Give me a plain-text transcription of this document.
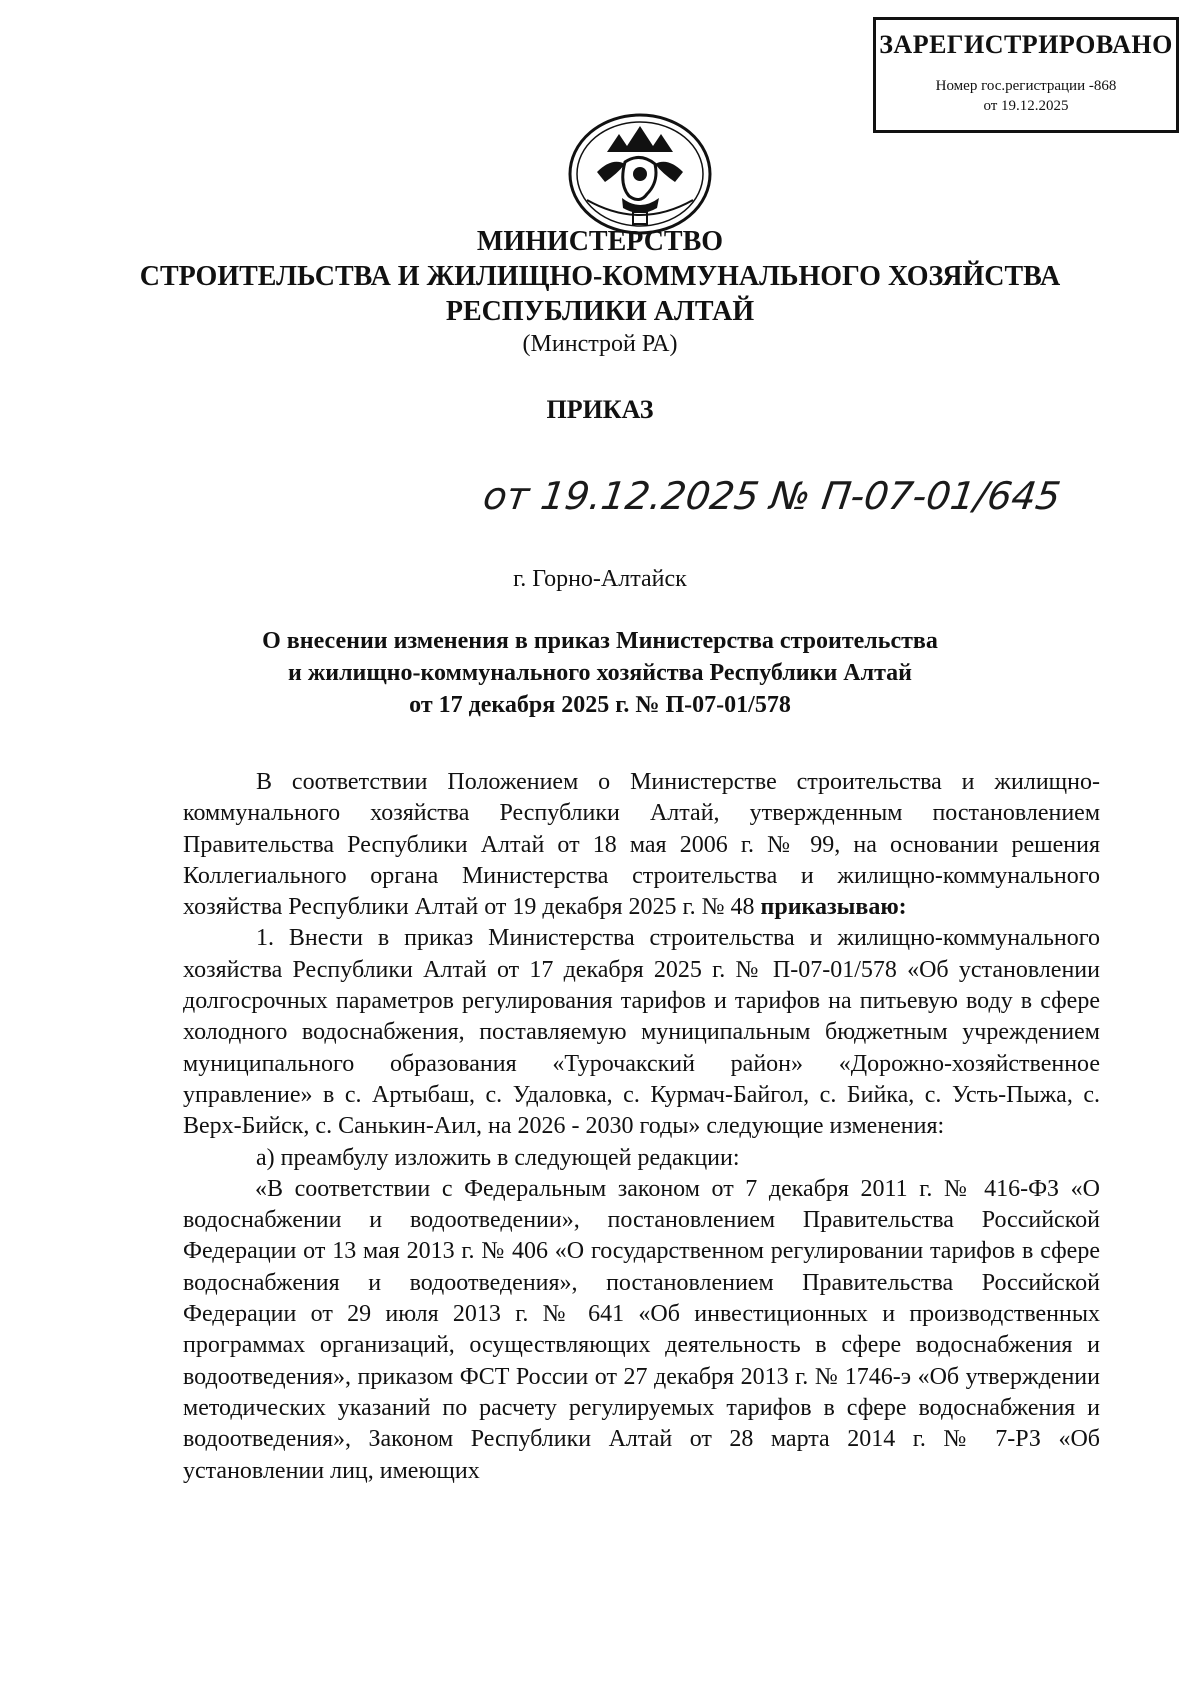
ЗАРЕГИСТРИРОВАНО
Номер гос.регистрации -868
от 19.12.2025
МИНИСТЕРСТВО
СТРОИТЕЛЬСТВА И ЖИЛИЩНО-КОММУНАЛЬНОГО ХОЗЯЙСТВА
РЕСПУБЛИКИ АЛТАЙ
(Минстрой РА)
ПРИКАЗ
от 19.12.2025 № П-07-01/645
г. Горно-Алтайск
О внесении изменения в приказ Министерства строительства
и жилищно-коммунального хозяйства Республики Алтай
от 17 декабря 2025 г. № П-07-01/578

В соответствии Положением о Министерстве строительства и жилищно-коммунального хозяйства Республики Алтай, утвержденным постановлением Правительства Республики Алтай от 18 мая 2006 г. № 99, на основании решения Коллегиального органа Министерства строительства и жилищно-коммунального хозяйства Республики Алтай от 19 декабря 2025 г. № 48 приказываю:

1. Внести в приказ Министерства строительства и жилищно-коммунального хозяйства Республики Алтай от 17 декабря 2025 г. № П-07-01/578 «Об установлении долгосрочных параметров регулирования тарифов и тарифов на питьевую воду в сфере холодного водоснабжения, поставляемую муниципальным бюджетным учреждением муниципального образования «Турочакский район» «Дорожно-хозяйственное управление» в с. Артыбаш, с. Удаловка, с. Курмач-Байгол, с. Бийка, с. Усть-Пыжа, с. Верх-Бийск, с. Санькин-Аил, на 2026 - 2030 годы» следующие изменения:

а) преамбулу изложить в следующей редакции:

«В соответствии с Федеральным законом от 7 декабря 2011 г. № 416-ФЗ «О водоснабжении и водоотведении», постановлением Правительства Российской Федерации от 13 мая 2013 г. № 406 «О государственном регулировании тарифов в сфере водоснабжения и водоотведения», постановлением Правительства Российской Федерации от 29 июля 2013 г. № 641 «Об инвестиционных и производственных программах организаций, осуществляющих деятельность в сфере водоснабжения и водоотведения», приказом ФСТ России от 27 декабря 2013 г. № 1746-э «Об утверждении методических указаний по расчету регулируемых тарифов в сфере водоснабжения и водоотведения», Законом Республики Алтай от 28 марта 2014 г. № 7-РЗ «Об установлении лиц, имеющих
